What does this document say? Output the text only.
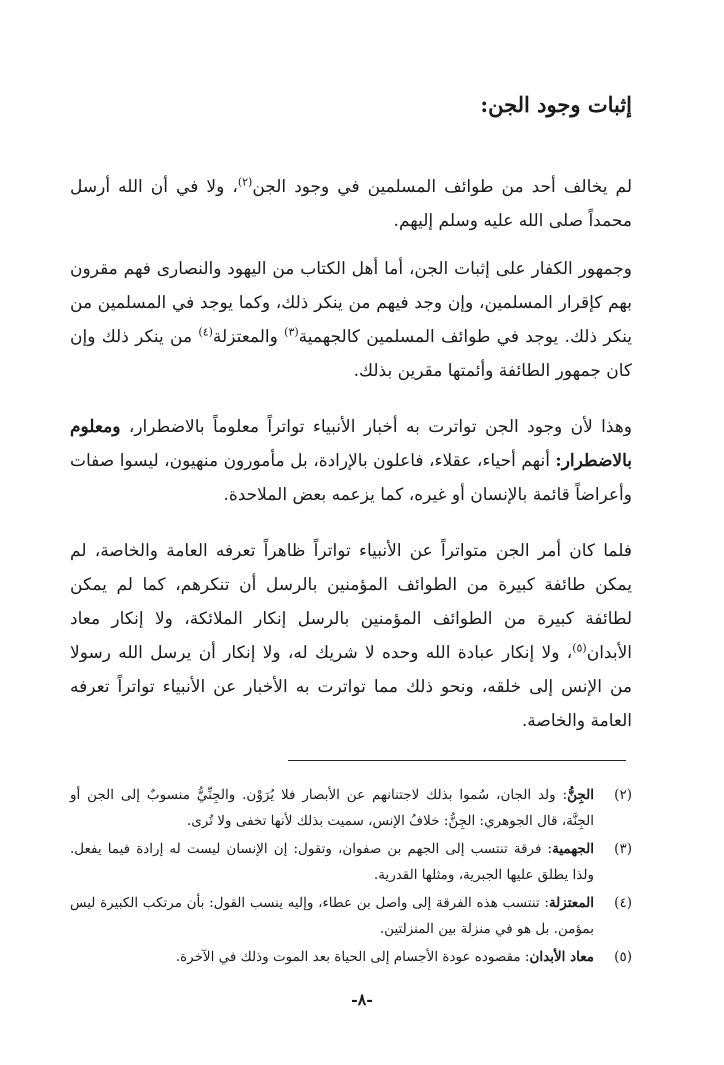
إثبات وجود الجن:

لم يخالف أحد من طوائف المسلمين في وجود الجن$^{(٢)}$، ولا في أن الله أرسل محمداً صلى الله عليه وسلم إليهم.

وجمهور الكفار على إثبات الجن، أما أهل الكتاب من اليهود والنصارى فهم مقرون بهم كإقرار المسلمين، وإن وجد فيهم من ينكر ذلك، وكما يوجد في المسلمين من ينكر ذلك. يوجد في طوائف المسلمين كالجهمية$^{(٣)}$ والمعتزلة$^{(٤)}$ من ينكر ذلك وإن كان جمهور الطائفة وأئمتها مقرين بذلك.

وهذا لأن وجود الجن تواترت به أخبار الأنبياء تواتراً معلوماً بالاضطرار، ومعلوم بالاضطرار: أنهم أحياء، عقلاء، فاعلون بالإرادة، بل مأمورون منهيون، ليسوا صفات وأعراضاً قائمة بالإنسان أو غيره، كما يزعمه بعض الملاحدة.

فلما كان أمر الجن متواتراً عن الأنبياء تواتراً ظاهراً تعرفه العامة والخاصة، لم يمكن طائفة كبيرة من الطوائف المؤمنين بالرسل أن تنكرهم، كما لم يمكن لطائفة كبيرة من الطوائف المؤمنين بالرسل إنكار الملائكة، ولا إنكار معاد الأبدان$^{(٥)}$، ولا إنكار عبادة الله وحده لا شريك له، ولا إنكار أن يرسل الله رسولا من الإنس إلى خلقه، ونحو ذلك مما تواترت به الأخبار عن الأنبياء تواتراً تعرفه العامة والخاصة.

(٢)
الجِنُّ: ولد الجان، سُموا بذلك لاجتنانهم عن الأبصار فلا يُرَوْن. والجِنِّيُّ منسوبٌ إلى الجن أو الجِنَّة، قال الجوهري: الجِنُّ: خلافُ الإنس، سميت بذلك لأنها تخفى ولا تُرى.
(٣)
الجهمية: فرقة تنتسب إلى الجهم بن صفوان، وتقول: إن الإنسان ليست له إرادة فيما يفعل. ولذا يطلق عليها الجبرية، ومثلها القدرية.
(٤)
المعتزلة: تنتسب هذه الفرقة إلى واصل بن عطاء، وإليه ينسب القول: بأن مرتكب الكبيرة ليس بمؤمن. بل هو في منزلة بين المنزلتين.
(٥)
معاد الأبدان: مقصوده عودة الأجسام إلى الحياة بعد الموت وذلك في الآخرة.
-٨-
